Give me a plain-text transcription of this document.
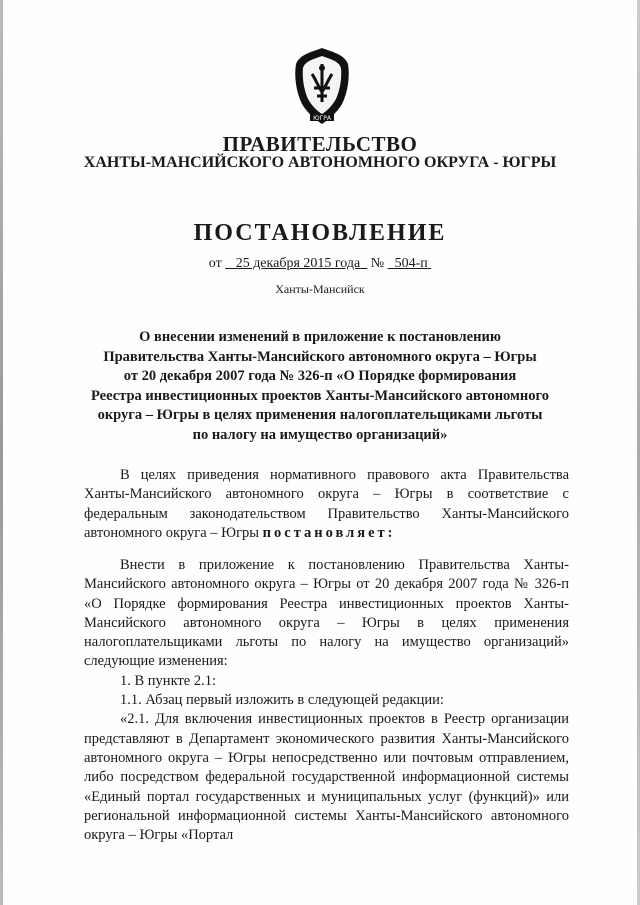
ЮГРА
ПРАВИТЕЛЬСТВО
ХАНТЫ-МАНСИЙСКОГО АВТОНОМНОГО ОКРУГА - ЮГРЫ
ПОСТАНОВЛЕНИЕ
от 25 декабря 2015 года № 504-п
Ханты-Мансийск
О внесении изменений в приложение к постановлению
Правительства Ханты-Мансийского автономного округа – Югры
от 20 декабря 2007 года № 326-п «О Порядке формирования
Реестра инвестиционных проектов Ханты-Мансийского автономного
округа – Югры в целях применения налогоплательщиками льготы
по налогу на имущество организаций»

В целях приведения нормативного правового акта Правительства Ханты-Мансийского автономного округа – Югры в соответствие с федеральным законодательством Правительство Ханты-Мансийского автономного округа – Югры постановляет:

Внести в приложение к постановлению Правительства Ханты-Мансийского автономного округа – Югры от 20 декабря 2007 года № 326-п «О Порядке формирования Реестра инвестиционных проектов Ханты-Мансийского автономного округа – Югры в целях применения налогоплательщиками льготы по налогу на имущество организаций» следующие изменения:

1. В пункте 2.1:

1.1. Абзац первый изложить в следующей редакции:

«2.1. Для включения инвестиционных проектов в Реестр организации представляют в Департамент экономического развития Ханты-Мансийского автономного округа – Югры непосредственно или почтовым отправлением, либо посредством федеральной государственной информационной системы «Единый портал государственных и муниципальных услуг (функций)» или региональной информационной системы Ханты-Мансийского автономного округа – Югры «Портал
